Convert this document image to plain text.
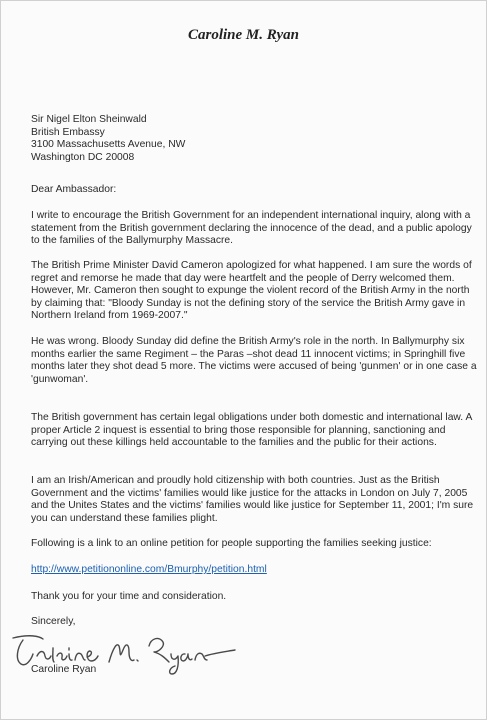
Caroline M. Ryan
Sir Nigel Elton Sheinwald
British Embassy
3100 Massachusetts Avenue, NW
Washington DC 20008
Dear Ambassador:

I write to encourage the British Government for an independent international inquiry, along with a statement from the British government declaring the innocence of the dead, and a public apology to the families of the Ballymurphy Massacre.

The British Prime Minister David Cameron apologized for what happened. I am sure the words of regret and remorse he made that day were heartfelt and the people of Derry welcomed them. However, Mr. Cameron then sought to expunge the violent record of the British Army in the north by claiming that: "Bloody Sunday is not the defining story of the service the British Army gave in Northern Ireland from 1969-2007."

He was wrong. Bloody Sunday did define the British Army's role in the north. In Ballymurphy six months earlier the same Regiment – the Paras –shot dead 11 innocent victims; in Springhill five months later they shot dead 5 more. The victims were accused of being 'gunmen' or in one case a 'gunwoman'.

The British government has certain legal obligations under both domestic and international law. A proper Article 2 inquest is essential to bring those responsible for planning, sanctioning and carrying out these killings held accountable to the families and the public for their actions.

I am an Irish/American and proudly hold citizenship with both countries. Just as the British Government and the victims' families would like justice for the attacks in London on July 7, 2005 and the Unites States and the victims' families would like justice for September 11, 2001; I'm sure you can understand these families plight.

Following is a link to an online petition for people supporting the families seeking justice:

http://www.petitiononline.com/Bmurphy/petition.html
Thank you for your time and consideration.
Sincerely,
Caroline Ryan
